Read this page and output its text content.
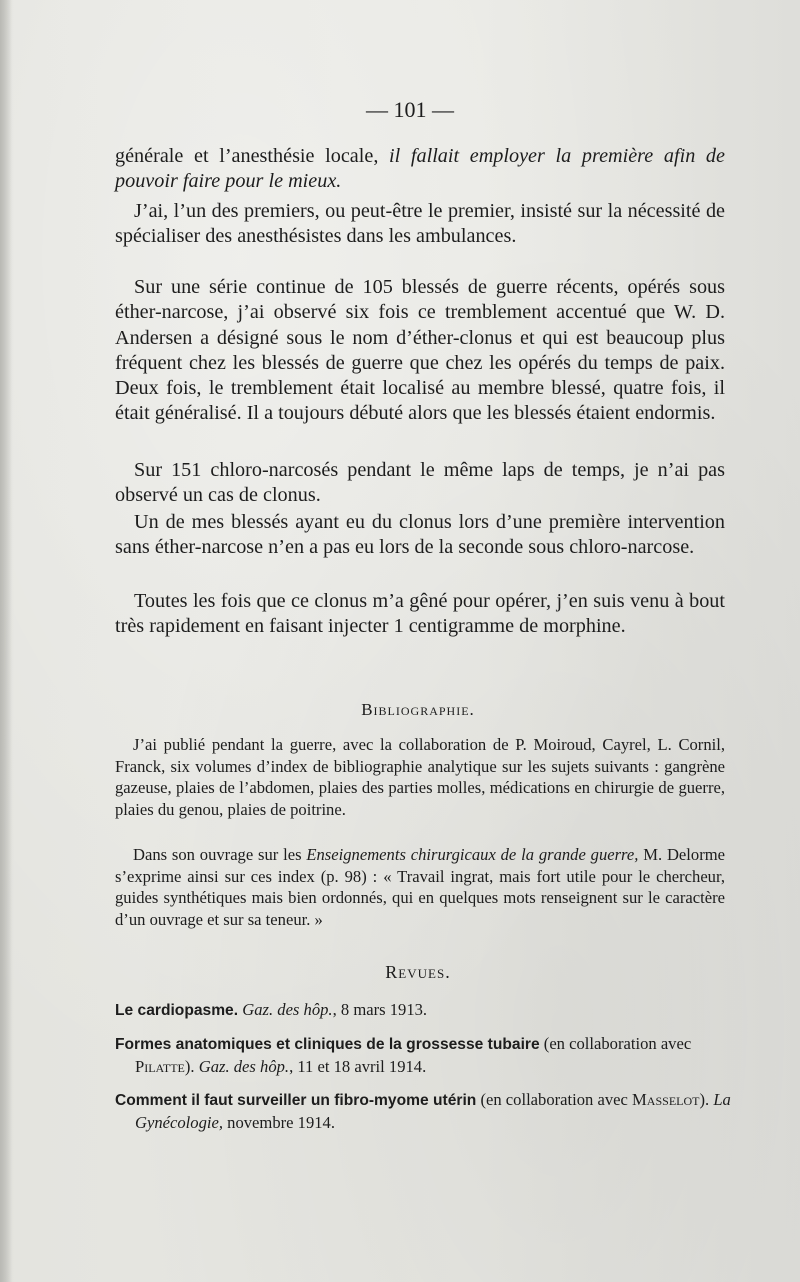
— 101 —

générale et l’anesthésie locale, il fallait employer la première afin de pouvoir faire pour le mieux.

J’ai, l’un des premiers, ou peut-être le premier, insisté sur la nécessité de spécialiser des anesthésistes dans les ambulances.

Sur une série continue de 105 blessés de guerre récents, opérés sous éther-narcose, j’ai observé six fois ce tremblement accentué que W. D. Andersen a désigné sous le nom d’éther-clonus et qui est beaucoup plus fréquent chez les blessés de guerre que chez les opérés du temps de paix. Deux fois, le tremblement était localisé au membre blessé, quatre fois, il était généralisé. Il a toujours débuté alors que les blessés étaient endormis.

Sur 151 chloro-narcosés pendant le même laps de temps, je n’ai pas observé un cas de clonus.

Un de mes blessés ayant eu du clonus lors d’une première intervention sans éther-narcose n’en a pas eu lors de la seconde sous chloro-narcose.

Toutes les fois que ce clonus m’a gêné pour opérer, j’en suis venu à bout très rapidement en faisant injecter 1 centigramme de morphine.

Bibliographie.

J’ai publié pendant la guerre, avec la collaboration de P. Moiroud, Cayrel, L. Cornil, Franck, six volumes d’index de bibliographie analytique sur les sujets suivants : gangrène gazeuse, plaies de l’abdomen, plaies des parties molles, médications en chirurgie de guerre, plaies du genou, plaies de poitrine.

Dans son ouvrage sur les Enseignements chirurgicaux de la grande guerre, M. Delorme s’exprime ainsi sur ces index (p. 98) : « Travail ingrat, mais fort utile pour le chercheur, guides synthétiques mais bien ordonnés, qui en quelques mots renseignent sur le caractère d’un ouvrage et sur sa teneur. »

Revues.

Le cardiopasme. Gaz. des hôp., 8 mars 1913.

Formes anatomiques et cliniques de la grossesse tubaire (en collaboration avec Pilatte). Gaz. des hôp., 11 et 18 avril 1914.

Comment il faut surveiller un fibro-myome utérin (en collaboration avec Masselot). La Gynécologie, novembre 1914.
